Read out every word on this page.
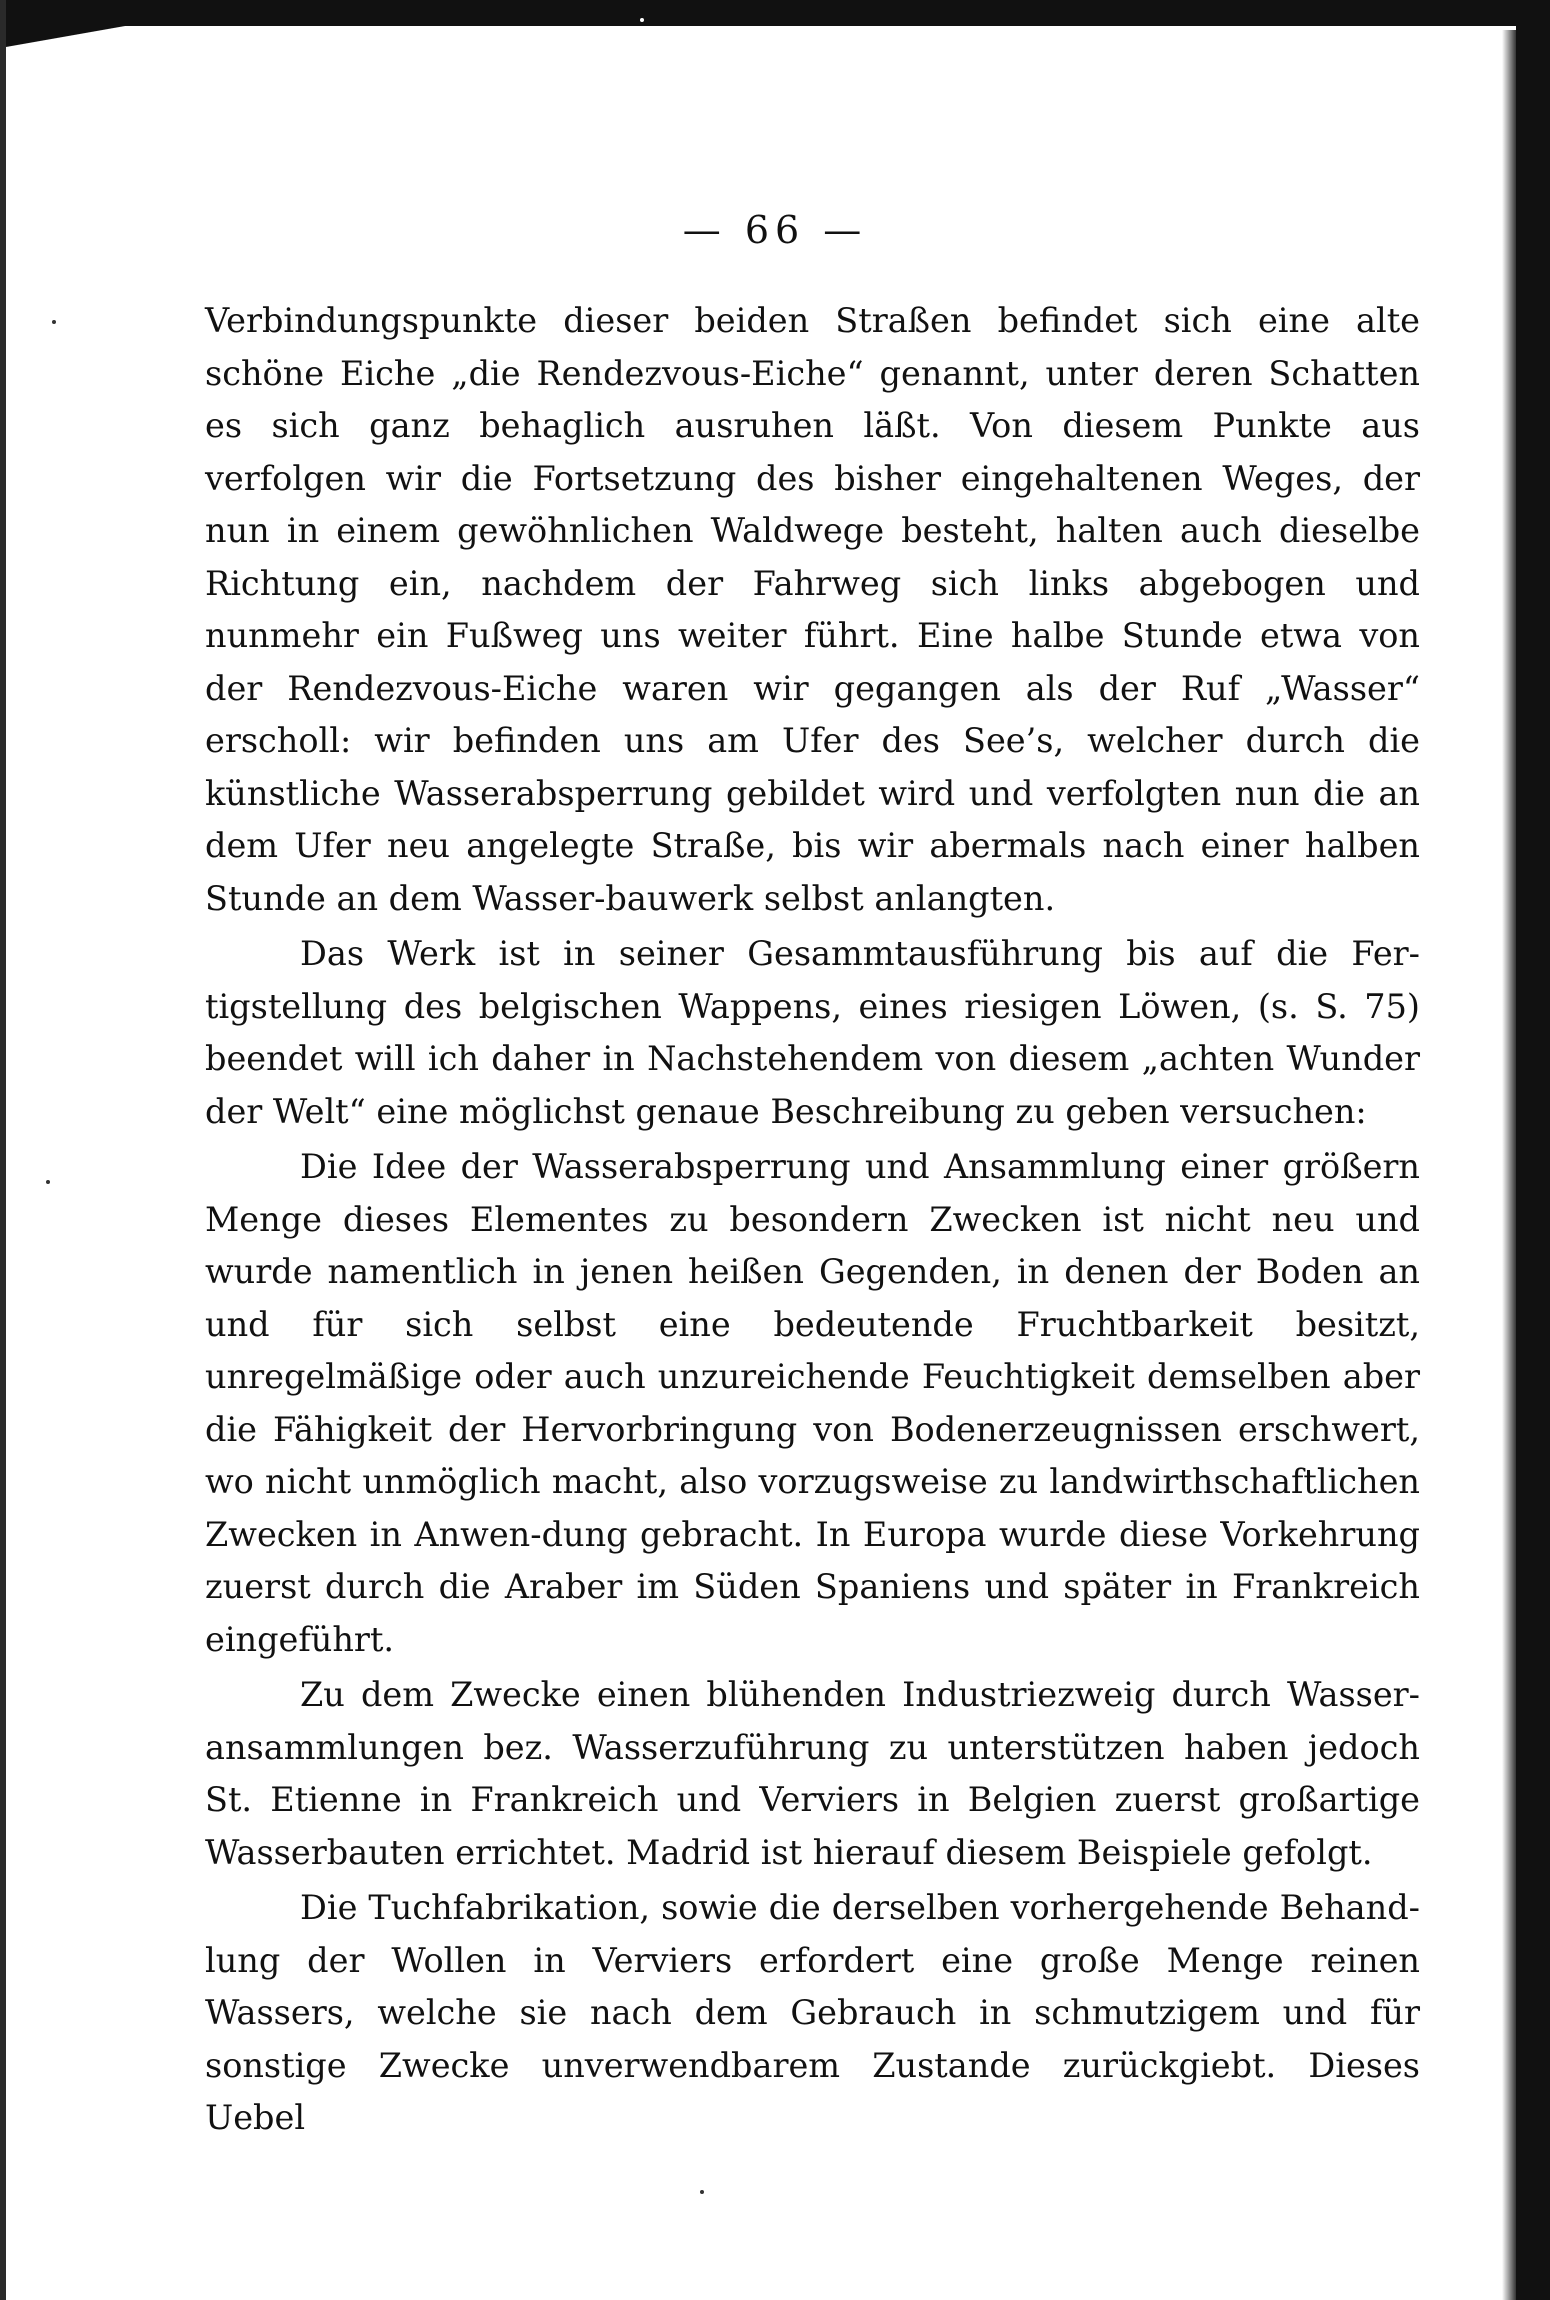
— 66 —

Verbindungspunkte dieser beiden Straßen befindet sich eine alte schöne Eiche „die Rendezvous-Eiche“ genannt, unter deren Schatten es sich ganz behaglich ausruhen läßt. Von diesem Punkte aus verfolgen wir die Fortsetzung des bisher eingehaltenen Weges, der nun in einem gewöhnlichen Waldwege besteht, halten auch dieselbe Richtung ein, nachdem der Fahrweg sich links abgebogen und nunmehr ein Fußweg uns weiter führt. Eine halbe Stunde etwa von der Rendezvous-Eiche waren wir gegangen als der Ruf „Wasser“ erscholl: wir befinden uns am Ufer des See’s, welcher durch die künstliche Wasserabsperrung gebildet wird und verfolgten nun die an dem Ufer neu angelegte Straße, bis wir abermals nach einer halben Stunde an dem Wasser-bauwerk selbst anlangten.

Das Werk ist in seiner Gesammtausführung bis auf die Fer-tigstellung des belgischen Wappens, eines riesigen Löwen, (s. S. 75) beendet will ich daher in Nachstehendem von diesem „achten Wunder der Welt“ eine möglichst genaue Beschreibung zu geben versuchen:

Die Idee der Wasserabsperrung und Ansammlung einer größern Menge dieses Elementes zu besondern Zwecken ist nicht neu und wurde namentlich in jenen heißen Gegenden, in denen der Boden an und für sich selbst eine bedeutende Fruchtbarkeit besitzt, unregelmäßige oder auch unzureichende Feuchtigkeit demselben aber die Fähigkeit der Hervorbringung von Bodenerzeugnissen erschwert, wo nicht unmöglich macht, also vorzugsweise zu landwirthschaftlichen Zwecken in Anwen-dung gebracht. In Europa wurde diese Vorkehrung zuerst durch die Araber im Süden Spaniens und später in Frankreich eingeführt.

Zu dem Zwecke einen blühenden Industriezweig durch Wasser-ansammlungen bez. Wasserzuführung zu unterstützen haben jedoch St. Etienne in Frankreich und Verviers in Belgien zuerst großartige Wasserbauten errichtet. Madrid ist hierauf diesem Beispiele gefolgt.

Die Tuchfabrikation, sowie die derselben vorhergehende Behand-lung der Wollen in Verviers erfordert eine große Menge reinen Wassers, welche sie nach dem Gebrauch in schmutzigem und für sonstige Zwecke unverwendbarem Zustande zurückgiebt. Dieses Uebel
